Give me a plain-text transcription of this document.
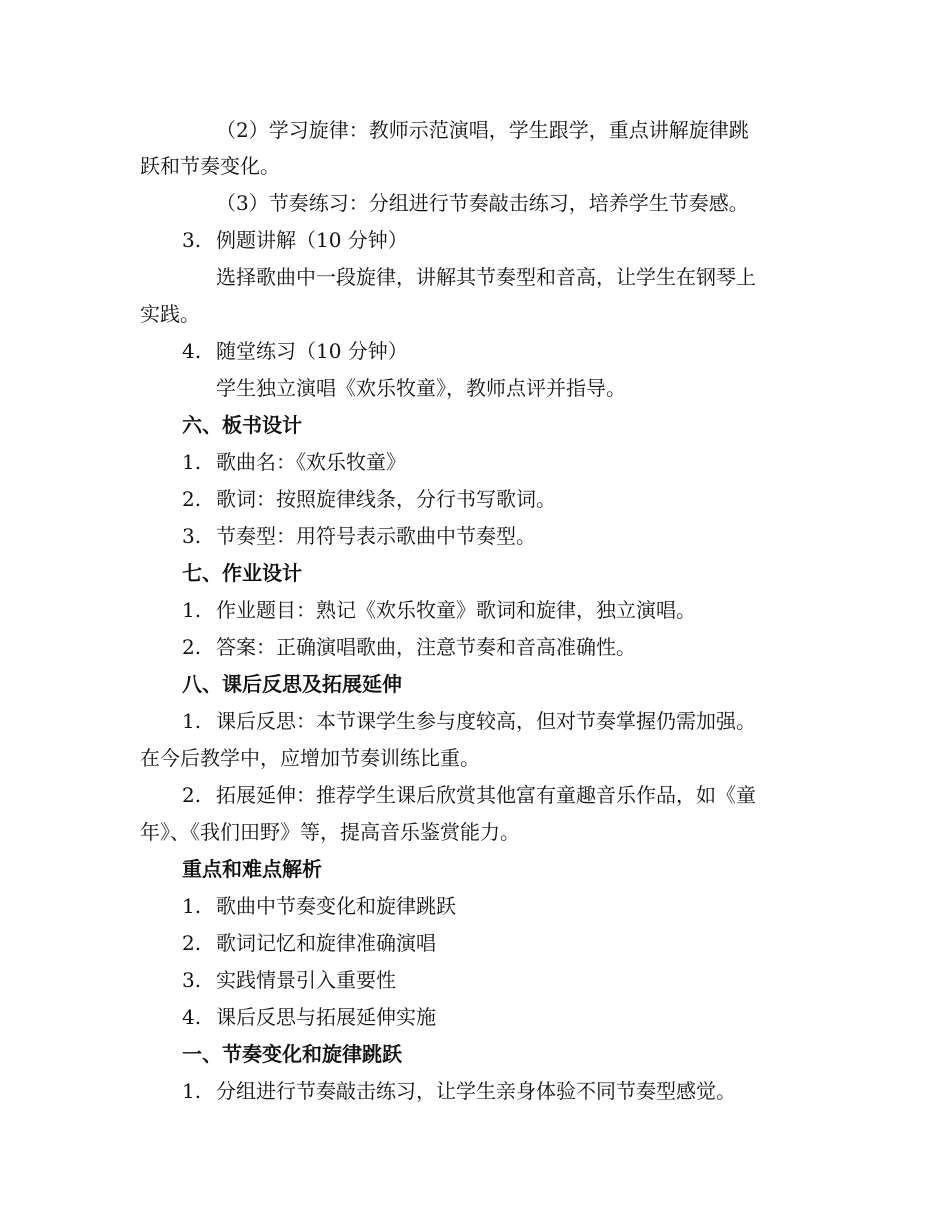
（2）学习旋律：教师示范演唱，学生跟学，重点讲解旋律跳
跃和节奏变化。
（3）节奏练习：分组进行节奏敲击练习，培养学生节奏感。
3. 例题讲解（10 分钟）
选择歌曲中一段旋律，讲解其节奏型和音高，让学生在钢琴上
实践。
4. 随堂练习（10 分钟）
学生独立演唱《欢乐牧童》，教师点评并指导。
六、板书设计
1. 歌曲名：《欢乐牧童》
2. 歌词：按照旋律线条，分行书写歌词。
3. 节奏型：用符号表示歌曲中节奏型。
七、作业设计
1. 作业题目：熟记《欢乐牧童》歌词和旋律，独立演唱。
2. 答案：正确演唱歌曲，注意节奏和音高准确性。
八、课后反思及拓展延伸
1. 课后反思：本节课学生参与度较高，但对节奏掌握仍需加强。
在今后教学中，应增加节奏训练比重。
2. 拓展延伸：推荐学生课后欣赏其他富有童趣音乐作品，如《童
年》、《我们田野》等，提高音乐鉴赏能力。
重点和难点解析
1. 歌曲中节奏变化和旋律跳跃
2. 歌词记忆和旋律准确演唱
3. 实践情景引入重要性
4. 课后反思与拓展延伸实施
一、节奏变化和旋律跳跃
1. 分组进行节奏敲击练习，让学生亲身体验不同节奏型感觉。
